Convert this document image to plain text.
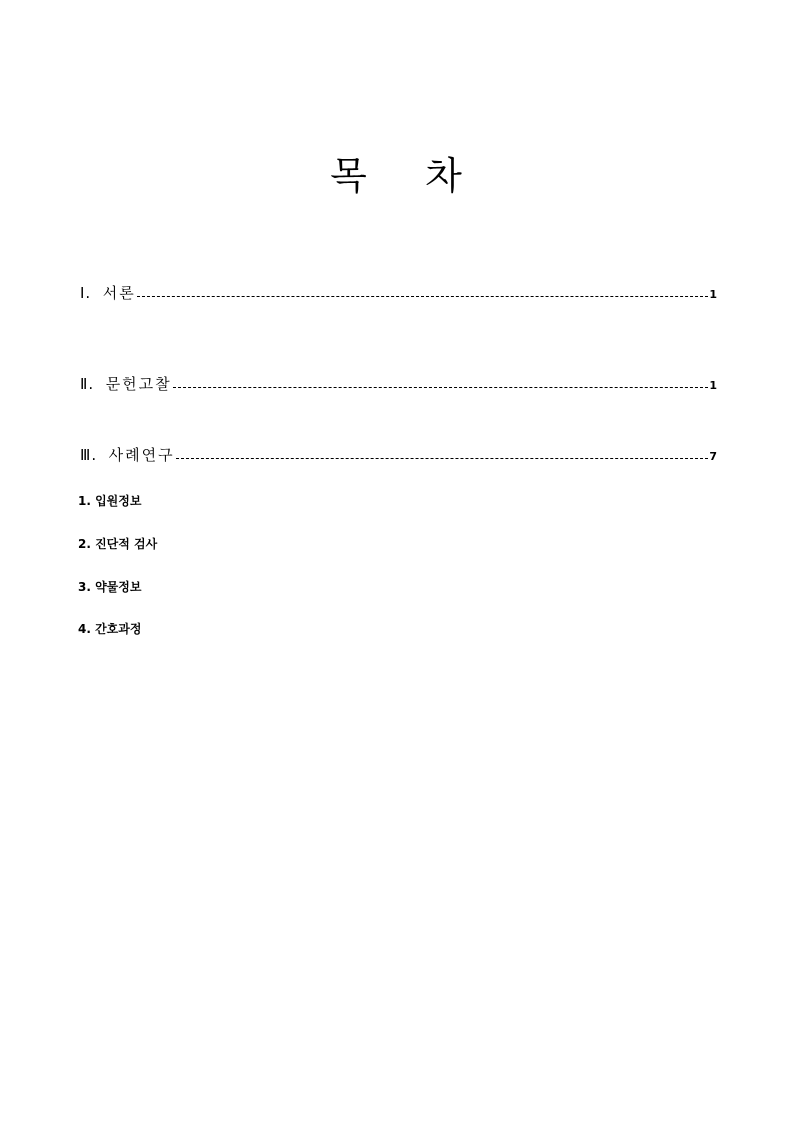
목    차
Ⅰ. 서론	1
Ⅱ. 문헌고찰	1
Ⅲ. 사례연구	7
1. 입원정보
2. 진단적 검사
3. 약물정보
4. 간호과정
